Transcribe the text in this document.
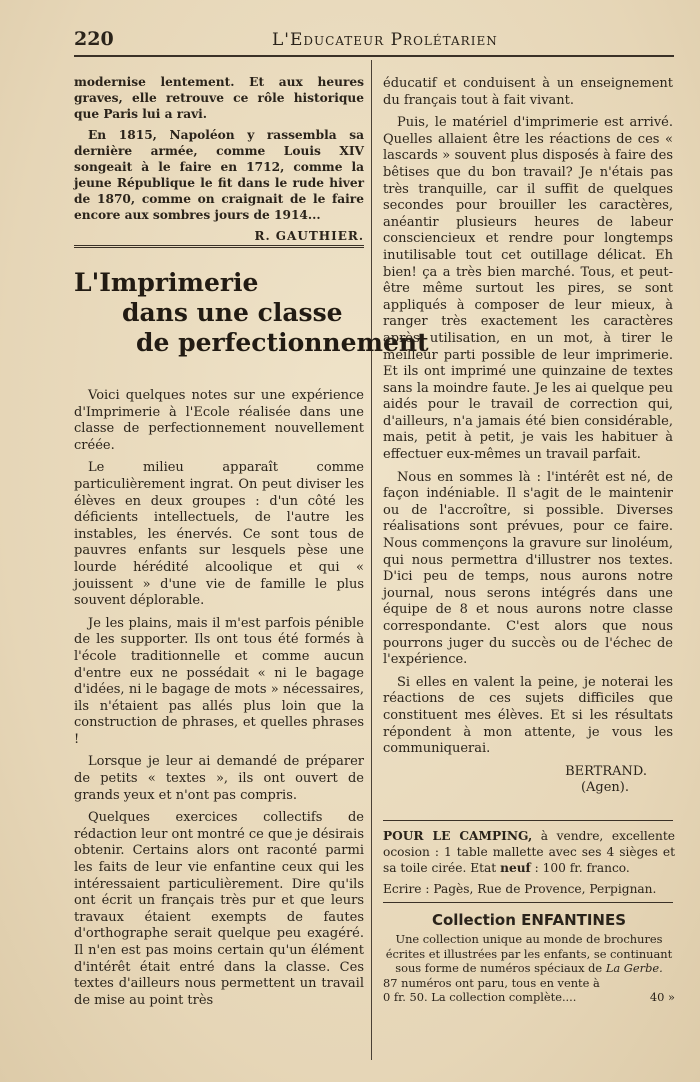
220	L'Educateur Prolétarien

modernise lentement. Et aux heures graves, elle retrouve ce rôle historique que Paris lui a ravi.

En 1815, Napoléon y rassembla sa dernière armée, comme Louis XIV songeait à le faire en 1712, comme la jeune République le fit dans le rude hiver de 1870, comme on craignait de le faire encore aux sombres jours de 1914...

R. GAUTHIER.
L'Imprimerie
dans une classe
de perfectionnement

Voici quelques notes sur une expérience d'Imprimerie à l'Ecole réalisée dans une classe de perfectionnement nouvellement créée.

Le milieu apparaît comme particulièrement ingrat. On peut diviser les élèves en deux groupes : d'un côté les déficients intellectuels, de l'autre les instables, les énervés. Ce sont tous de pauvres enfants sur lesquels pèse une lourde hérédité alcoolique et qui « jouissent » d'une vie de famille le plus souvent déplorable.

Je les plains, mais il m'est parfois pénible de les supporter. Ils ont tous été formés à l'école traditionnelle et comme aucun d'entre eux ne possédait « ni le bagage d'idées, ni le bagage de mots » nécessaires, ils n'étaient pas allés plus loin que la construction de phrases, et quelles phrases !

Lorsque je leur ai demandé de préparer de petits « textes », ils ont ouvert de grands yeux et n'ont pas compris.

Quelques exercices collectifs de rédaction leur ont montré ce que je désirais obtenir. Certains alors ont raconté parmi les faits de leur vie enfantine ceux qui les intéressaient particulièrement. Dire qu'ils ont écrit un français très pur et que leurs travaux étaient exempts de fautes d'orthographe serait quelque peu exagéré. Il n'en est pas moins certain qu'un élément d'intérêt était entré dans la classe. Ces textes d'ailleurs nous permettent un travail de mise au point très

éducatif et conduisent à un enseignement du français tout à fait vivant.

Puis, le matériel d'imprimerie est arrivé. Quelles allaient être les réactions de ces « lascards » souvent plus disposés à faire des bêtises que du bon travail? Je n'étais pas très tranquille, car il suffit de quelques secondes pour brouiller les caractères, anéantir plusieurs heures de labeur consciencieux et rendre pour longtemps inutilisable tout cet outillage délicat. Eh bien! ça a très bien marché. Tous, et peut-être même surtout les pires, se sont appliqués à composer de leur mieux, à ranger très exactement les caractères après utilisation, en un mot, à tirer le meilleur parti possible de leur imprimerie. Et ils ont imprimé une quinzaine de textes sans la moindre faute. Je les ai quelque peu aidés pour le travail de correction qui, d'ailleurs, n'a jamais été bien considérable, mais, petit à petit, je vais les habituer à effectuer eux-mêmes un travail parfait.

Nous en sommes là : l'intérêt est né, de façon indéniable. Il s'agit de le maintenir ou de l'accroître, si possible. Diverses réalisations sont prévues, pour ce faire. Nous commençons la gravure sur linoléum, qui nous permettra d'illustrer nos textes. D'ici peu de temps, nous aurons notre journal, nous serons intégrés dans une équipe de 8 et nous aurons notre classe correspondante. C'est alors que nous pourrons juger du succès ou de l'échec de l'expérience.

Si elles en valent la peine, je noterai les réactions de ces sujets difficiles que constituent mes élèves. Et si les résultats répondent à mon attente, je vous les communiquerai.

BERTRAND.
(Agen).

POUR LE CAMPING, à vendre, excellente ocosion : 1 table mallette avec ses 4 sièges et sa toile cirée. Etat neuf : 100 fr. franco.

Ecrire : Pagès, Rue de Provence, Perpignan.

Collection ENFANTINES

Une collection unique au monde de brochures écrites et illustrées par les enfants, se continuant sous forme de numéros spéciaux de La Gerbe.

87 numéros ont paru, tous en vente à

0 fr. 50. La collection complète....	40 »
